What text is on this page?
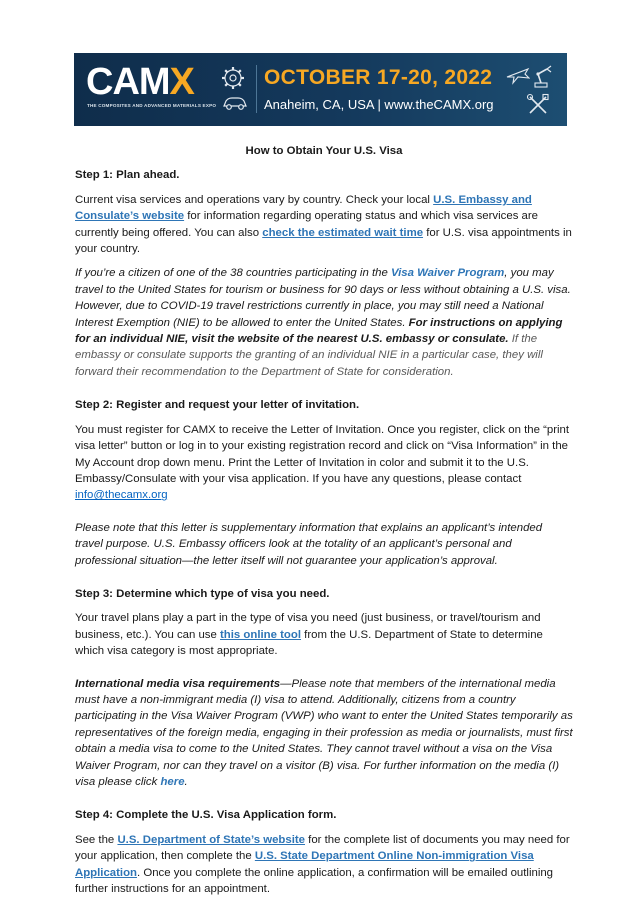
CAMX
THE COMPOSITES AND ADVANCED MATERIALS EXPO
OCTOBER 17-20, 2022
Anaheim, CA, USA | www.theCAMX.org

How to Obtain Your U.S. Visa

Step 1: Plan ahead.

Current visa services and operations vary by country. Check your local U.S. Embassy and Consulate’s website for information regarding operating status and which visa services are currently being offered. You can also check the estimated wait time for U.S. visa appointments in your country.

If you’re a citizen of one of the 38 countries participating in the Visa Waiver Program, you may travel to the United States for tourism or business for 90 days or less without obtaining a U.S. visa. However, due to COVID-19 travel restrictions currently in place, you may still need a National Interest Exemption (NIE) to be allowed to enter the United States. For instructions on applying for an individual NIE, visit the website of the nearest U.S. embassy or consulate. If the embassy or consulate supports the granting of an individual NIE in a particular case, they will forward their recommendation to the Department of State for consideration.

Step 2: Register and request your letter of invitation.

You must register for CAMX to receive the Letter of Invitation. Once you register, click on the “print visa letter” button or log in to your existing registration record and click on “Visa Information” in the My Account drop down menu. Print the Letter of Invitation in color and submit it to the U.S. Embassy/Consulate with your visa application. If you have any questions, please contact info@thecamx.org

Please note that this letter is supplementary information that explains an applicant’s intended travel purpose. U.S. Embassy officers look at the totality of an applicant’s personal and professional situation—the letter itself will not guarantee your application’s approval.

Step 3: Determine which type of visa you need.

Your travel plans play a part in the type of visa you need (just business, or travel/tourism and business, etc.). You can use this online tool from the U.S. Department of State to determine which visa category is most appropriate.

International media visa requirements—Please note that members of the international media must have a non-immigrant media (I) visa to attend. Additionally, citizens from a country participating in the Visa Waiver Program (VWP) who want to enter the United States temporarily as representatives of the foreign media, engaging in their profession as media or journalists, must first obtain a media visa to come to the United States. They cannot travel without a visa on the Visa Waiver Program, nor can they travel on a visitor (B) visa. For further information on the media (I) visa please click here.

Step 4: Complete the U.S. Visa Application form.

See the U.S. Department of State’s website for the complete list of documents you may need for your application, then complete the U.S. State Department Online Non-immigration Visa Application. Once you complete the online application, a confirmation will be emailed outlining further instructions for an appointment.
